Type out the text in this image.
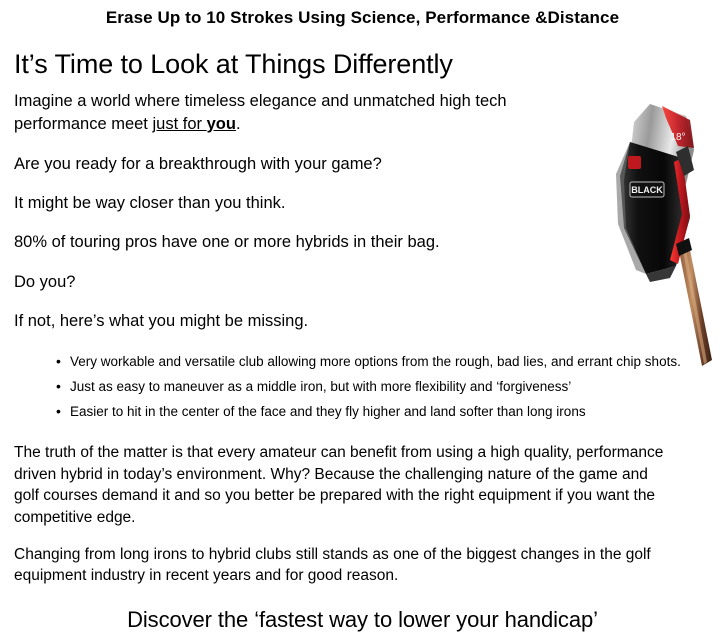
Erase Up to 10 Strokes Using Science, Performance &Distance
It’s Time to Look at Things Differently

Imagine a world where timeless elegance and unmatched high tech performance meet just for you.

Are you ready for a breakthrough with your game?

It might be way closer than you think.

80% of touring pros have one or more hybrids in their bag.

Do you?

If not, here’s what you might be missing.

• Very workable and versatile club allowing more options from the rough, bad lies, and errant chip shots.
• Just as easy to maneuver as a middle iron, but with more flexibility and ‘forgiveness’
• Easier to hit in the center of the face and they fly higher and land softer than long irons

The truth of the matter is that every amateur can benefit from using a high quality, performance driven hybrid in today’s environment. Why? Because the challenging nature of the game and golf courses demand it and so you better be prepared with the right equipment if you want the competitive edge.

Changing from long irons to hybrid clubs still stands as one of the biggest changes in the golf equipment industry in recent years and for good reason.

Discover the ‘fastest way to lower your handicap’
BLACK
18°
